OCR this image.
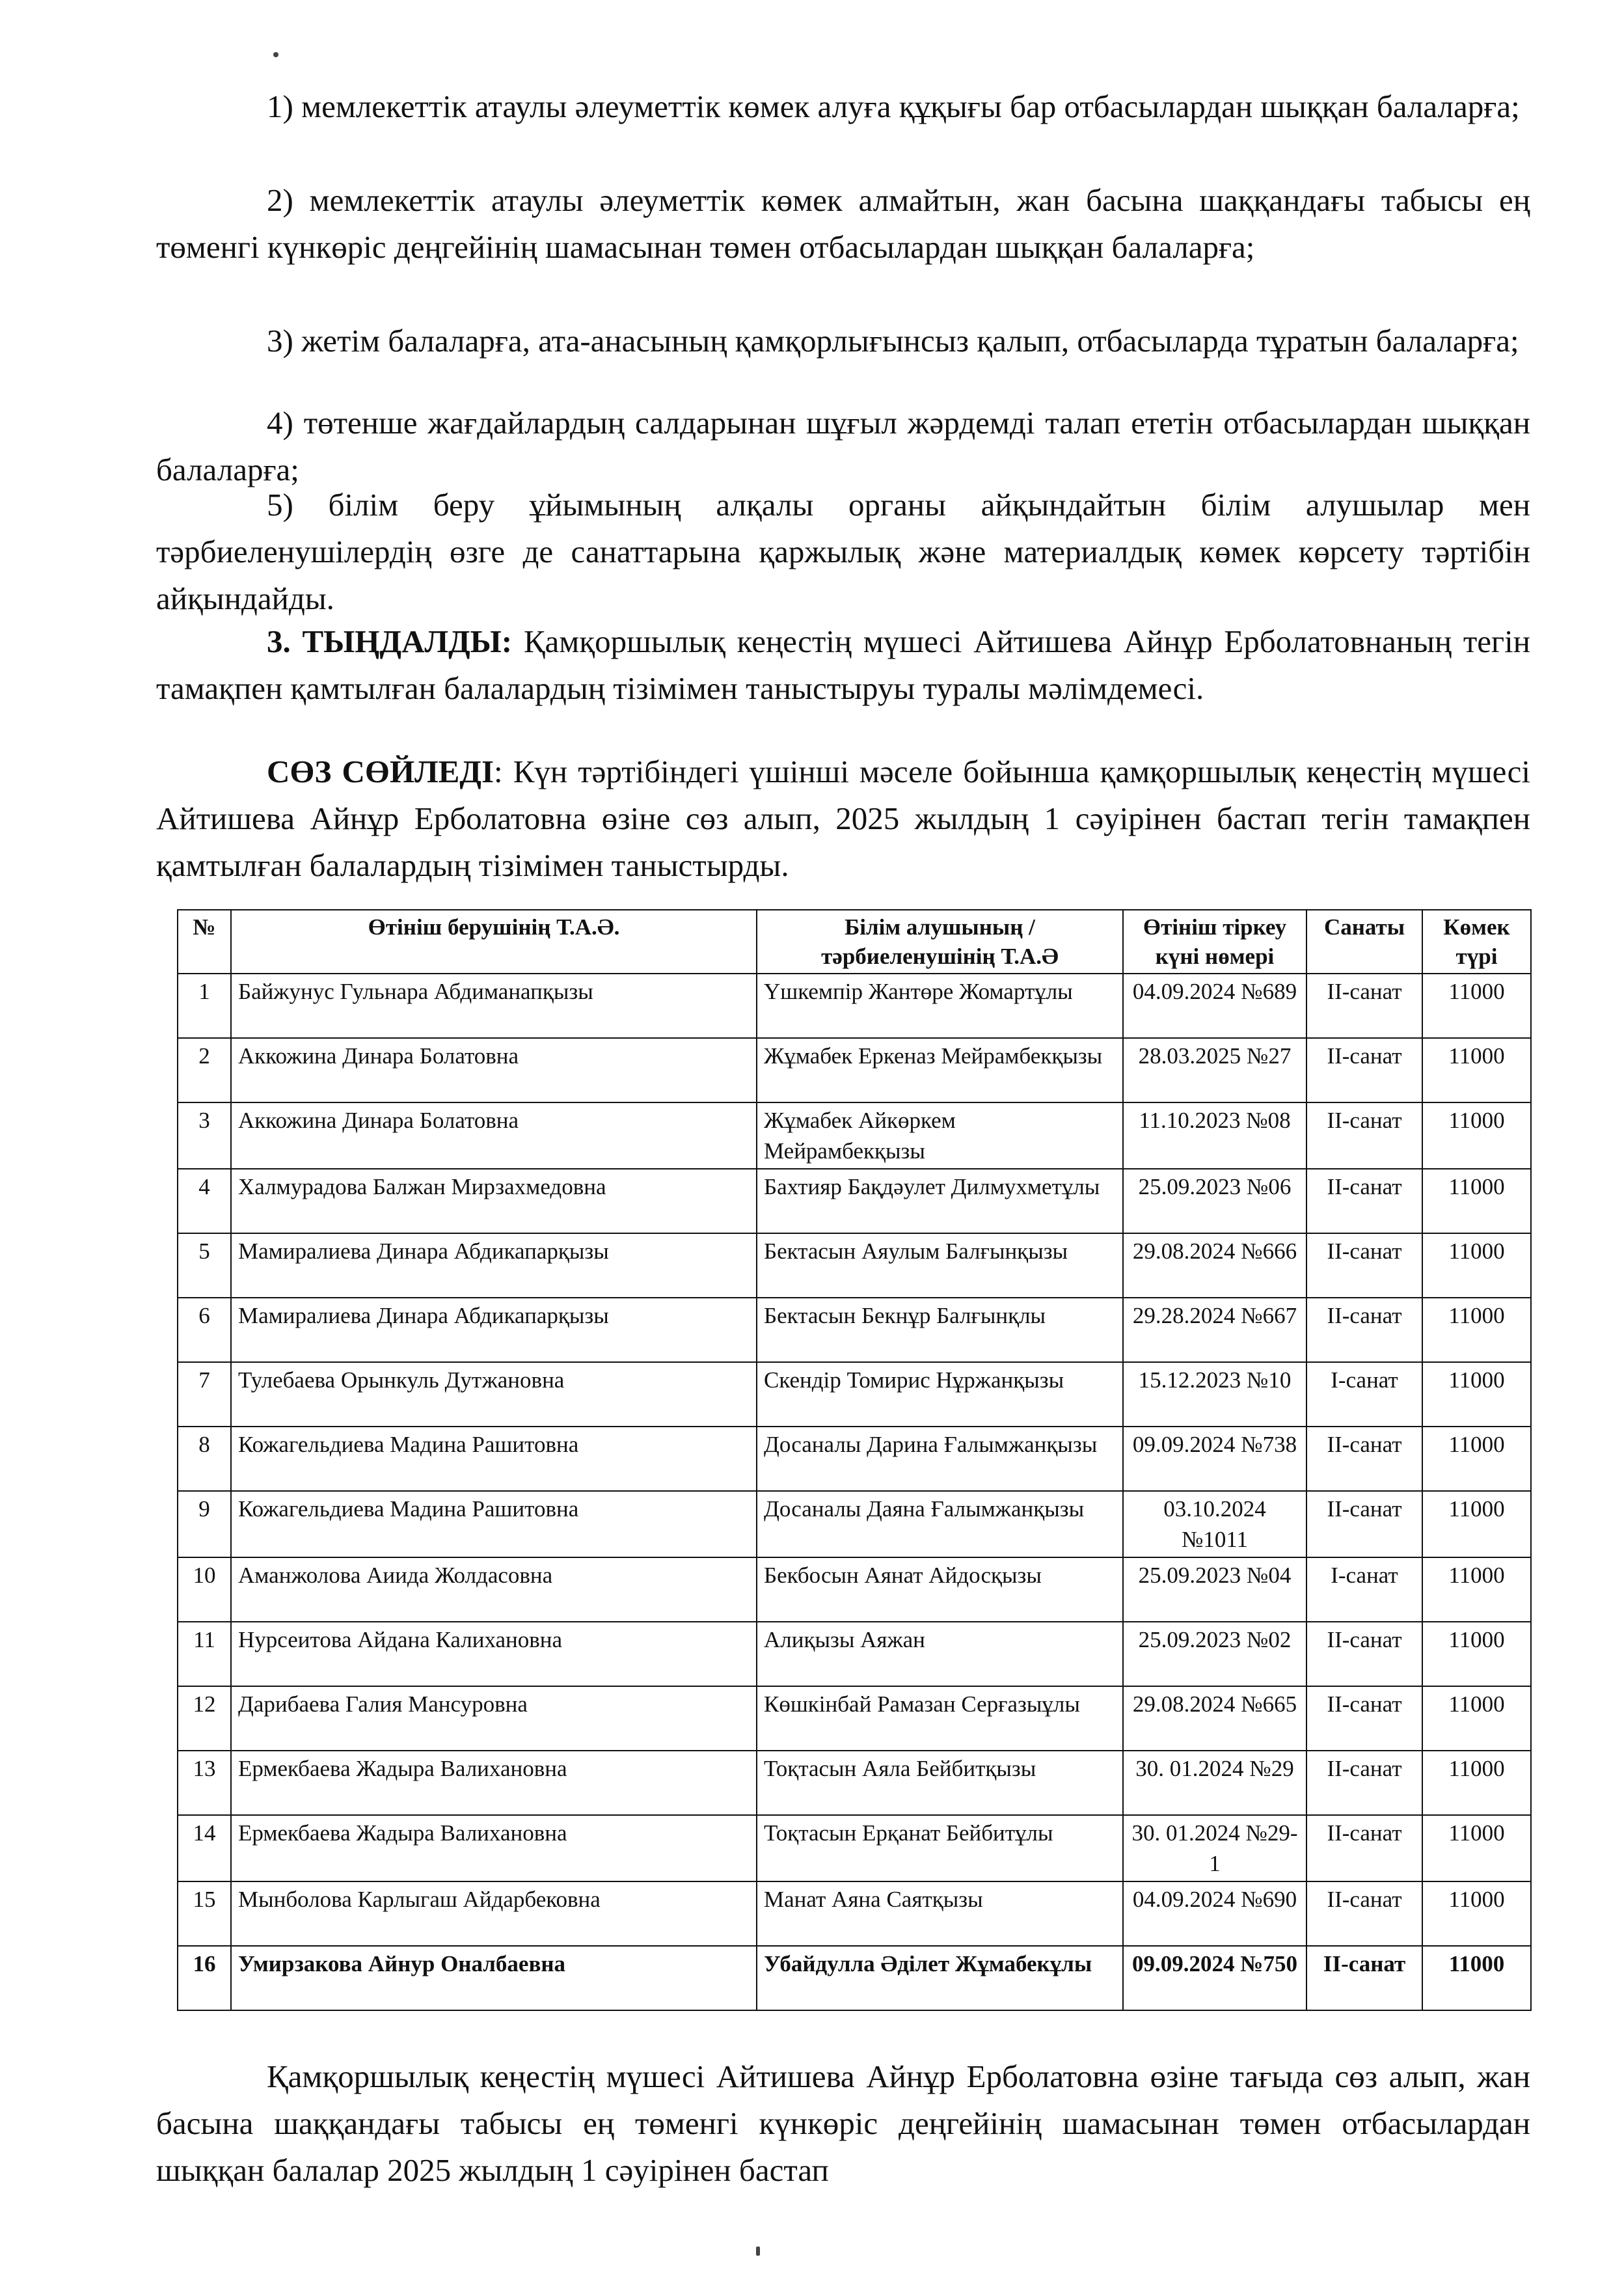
1) мемлекеттік атаулы әлеуметтік көмек алуға құқығы бар отбасылардан шыққан балаларға;

2) мемлекеттік атаулы әлеуметтік көмек алмайтын, жан басына шаққандағы табысы ең төменгі күнкөріс деңгейінің шамасынан төмен отбасылардан шыққан балаларға;

3) жетім балаларға, ата-анасының қамқорлығынсыз қалып, отбасыларда тұратын балаларға;

4) төтенше жағдайлардың салдарынан шұғыл жәрдемді талап ететін отбасылардан шыққан балаларға;

5) білім беру ұйымының алқалы органы айқындайтын білім алушылар мен тәрбиеленушілердің өзге де санаттарына қаржылық және материалдық көмек көрсету тәртібін айқындайды.

3. ТЫҢДАЛДЫ: Қамқоршылық кеңестің мүшесі Айтишева Айнұр Ерболатовнаның тегін тамақпен қамтылған балалардың тізімімен таныстыруы туралы мәлімдемесі.

СӨЗ СӨЙЛЕДІ: Күн тәртібіндегі үшінші мәселе бойынша қамқоршылық кеңестің мүшесі Айтишева Айнұр Ерболатовна өзіне сөз алып, 2025 жылдың 1 сәуірінен бастап тегін тамақпен қамтылған балалардың тізімімен таныстырды.

№	Өтініш берушінің Т.А.Ә.	Білім алушының / тәрбиеленушінің Т.А.Ә	Өтініш тіркеу күні нөмері	Санаты	Көмек түрі
1	Байжунус Гульнара Абдиманапқызы	Үшкемпір Жантөре Жомартұлы	04.09.2024 №689	ІІ-санат	11000
2	Аккожина Динара Болатовна	Жұмабек Еркеназ Мейрамбекқызы	28.03.2025 №27	ІІ-санат	11000
3	Аккожина Динара Болатовна	Жұмабек Айкөркем Мейрамбекқызы	11.10.2023 №08	ІІ-санат	11000
4	Халмурадова Балжан Мирзахмедовна	Бахтияр Бақдәулет Дилмухметұлы	25.09.2023 №06	ІІ-санат	11000
5	Мамиралиева Динара Абдикапарқызы	Бектасын Аяулым Балғынқызы	29.08.2024 №666	ІІ-санат	11000
6	Мамиралиева Динара Абдикапарқызы	Бектасын Бекнұр Балғынқлы	29.28.2024 №667	ІІ-санат	11000
7	Тулебаева Орынкуль Дутжановна	Скендір Томирис Нұржанқызы	15.12.2023 №10	І-санат	11000
8	Кожагельдиева Мадина Рашитовна	Досаналы Дарина Ғалымжанқызы	09.09.2024 №738	ІІ-санат	11000
9	Кожагельдиева Мадина Рашитовна	Досаналы Даяна Ғалымжанқызы	03.10.2024 №1011	ІІ-санат	11000
10	Аманжолова Аиида Жолдасовна	Бекбосын Аянат Айдосқызы	25.09.2023 №04	І-санат	11000
11	Нурсеитова Айдана Калихановна	Алиқызы Аяжан	25.09.2023 №02	ІІ-санат	11000
12	Дарибаева Галия Мансуровна	Көшкінбай Рамазан Серғазыұлы	29.08.2024 №665	ІІ-санат	11000
13	Ермекбаева Жадыра Валихановна	Тоқтасын Аяла Бейбитқызы	30. 01.2024 №29	ІІ-санат	11000
14	Ермекбаева Жадыра Валихановна	Тоқтасын Ерқанат Бейбитұлы	30. 01.2024 №29-1	ІІ-санат	11000
15	Мынболова Карлыгаш Айдарбековна	Манат Аяна Саятқызы	04.09.2024 №690	ІІ-санат	11000
16	Умирзакова Айнур Оналбаевна	Убайдулла Әділет Жұмабекұлы	09.09.2024 №750	ІІ-санат	11000

Қамқоршылық кеңестің мүшесі Айтишева Айнұр Ерболатовна өзіне тағыда сөз алып, жан басына шаққандағы табысы ең төменгі күнкөріс деңгейінің шамасынан төмен отбасылардан шыққан балалар 2025 жылдың 1 сәуірінен бастап
